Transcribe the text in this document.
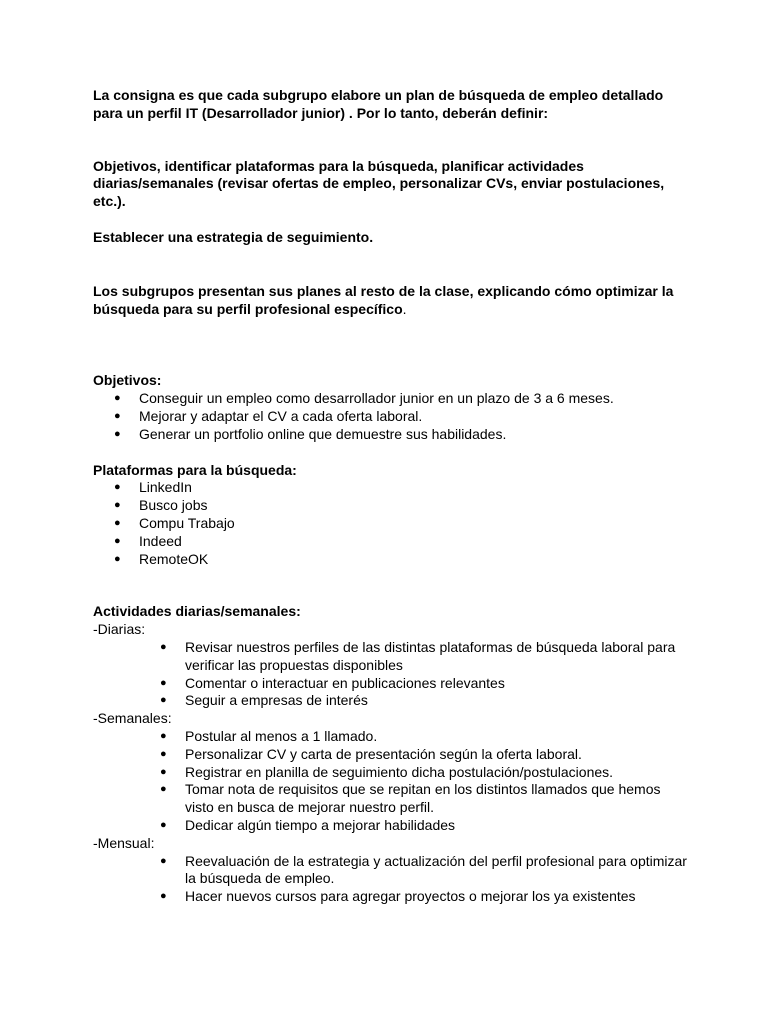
La consigna es que cada subgrupo elabore un plan de búsqueda de empleo detallado para un perfil IT (Desarrollador junior) . Por lo tanto, deberán definir:

Objetivos, identificar plataformas para la búsqueda, planificar actividades diarias/semanales (revisar ofertas de empleo, personalizar CVs, enviar postulaciones, etc.).

Establecer una estrategia de seguimiento.

Los subgrupos presentan sus planes al resto de la clase, explicando cómo optimizar la búsqueda para su perfil profesional específico.

Objetivos:

● Conseguir un empleo como desarrollador junior en un plazo de 3 a 6 meses.
● Mejorar y adaptar el CV a cada oferta laboral.
● Generar un portfolio online que demuestre sus habilidades.

Plataformas para la búsqueda:

● LinkedIn
● Busco jobs
● Compu Trabajo
● Indeed
● RemoteOK

Actividades diarias/semanales:

-Diarias:

● Revisar nuestros perfiles de las distintas plataformas de búsqueda laboral para verificar las propuestas disponibles
● Comentar o interactuar en publicaciones relevantes
● Seguir a empresas de interés

-Semanales:

● Postular al menos a 1 llamado.
● Personalizar CV y carta de presentación según la oferta laboral.
● Registrar en planilla de seguimiento dicha postulación/postulaciones.
● Tomar nota de requisitos que se repitan en los distintos llamados que hemos visto en busca de mejorar nuestro perfil.
● Dedicar algún tiempo a mejorar habilidades

-Mensual:

● Reevaluación de la estrategia y actualización del perfil profesional para optimizar la búsqueda de empleo.
● Hacer nuevos cursos para agregar proyectos o mejorar los ya existentes
